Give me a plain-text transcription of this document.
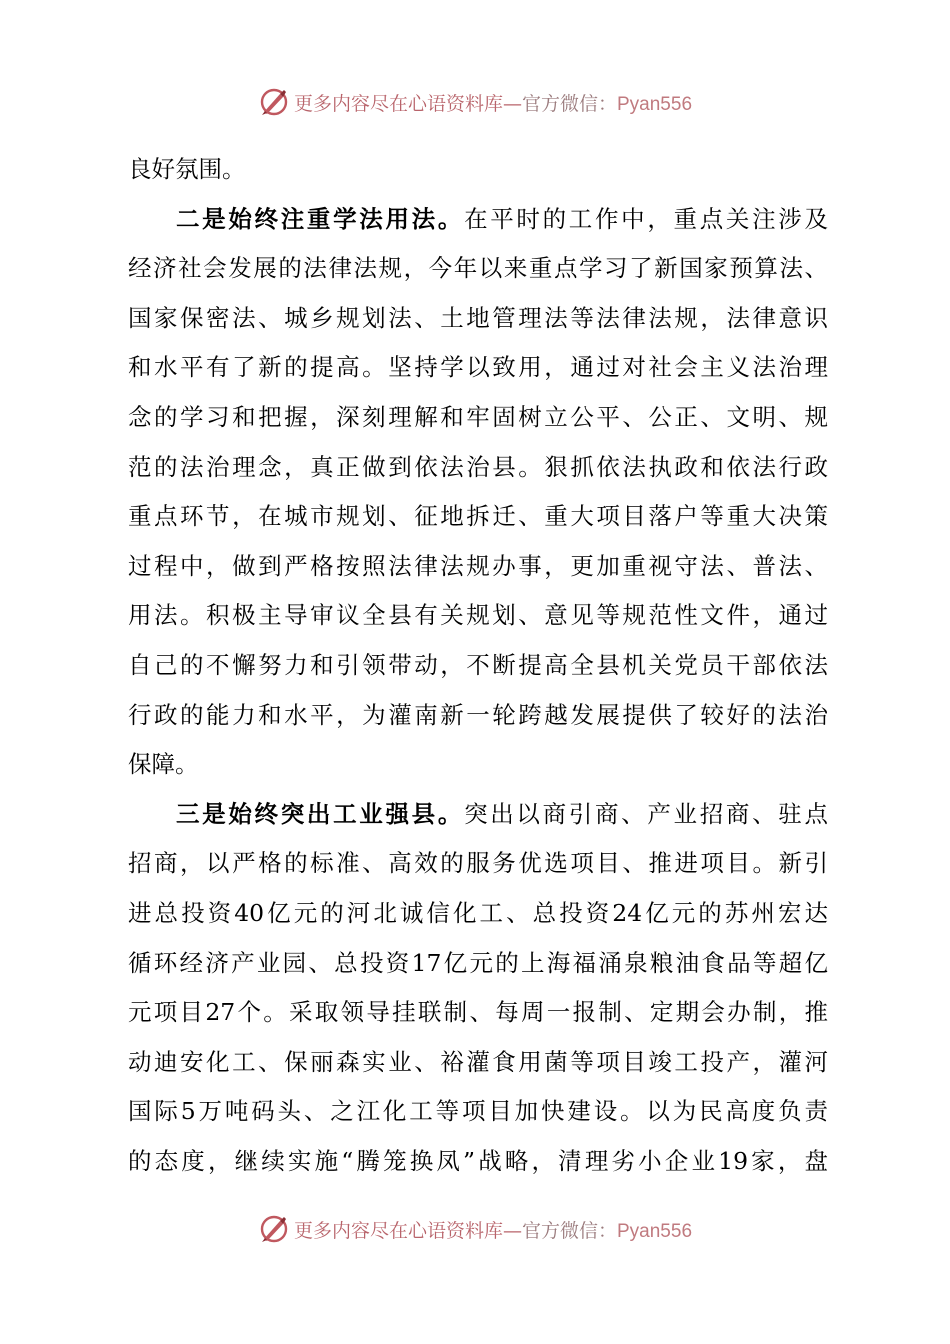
更多内容尽在心语资料库—官方微信：Pyan556
良好氛围。
二是始终注重学法用法。在平时的工作中，重点关注涉及
经济社会发展的法律法规，今年以来重点学习了新国家预算法、
国家保密法、城乡规划法、土地管理法等法律法规，法律意识
和水平有了新的提高。坚持学以致用，通过对社会主义法治理
念的学习和把握，深刻理解和牢固树立公平、公正、文明、规
范的法治理念，真正做到依法治县。狠抓依法执政和依法行政
重点环节，在城市规划、征地拆迁、重大项目落户等重大决策
过程中，做到严格按照法律法规办事，更加重视守法、普法、
用法。积极主导审议全县有关规划、意见等规范性文件，通过
自己的不懈努力和引领带动，不断提高全县机关党员干部依法
行政的能力和水平，为灌南新一轮跨越发展提供了较好的法治
保障。
三是始终突出工业强县。突出以商引商、产业招商、驻点
招商，以严格的标准、高效的服务优选项目、推进项目。新引
进总投资40亿元的河北诚信化工、总投资24亿元的苏州宏达
循环经济产业园、总投资17亿元的上海福涌泉粮油食品等超亿
元项目27个。采取领导挂联制、每周一报制、定期会办制，推
动迪安化工、保丽森实业、裕灌食用菌等项目竣工投产，灌河
国际5万吨码头、之江化工等项目加快建设。以为民高度负责
的态度，继续实施“腾笼换凤”战略，清理劣小企业19家，盘
更多内容尽在心语资料库—官方微信：Pyan556
